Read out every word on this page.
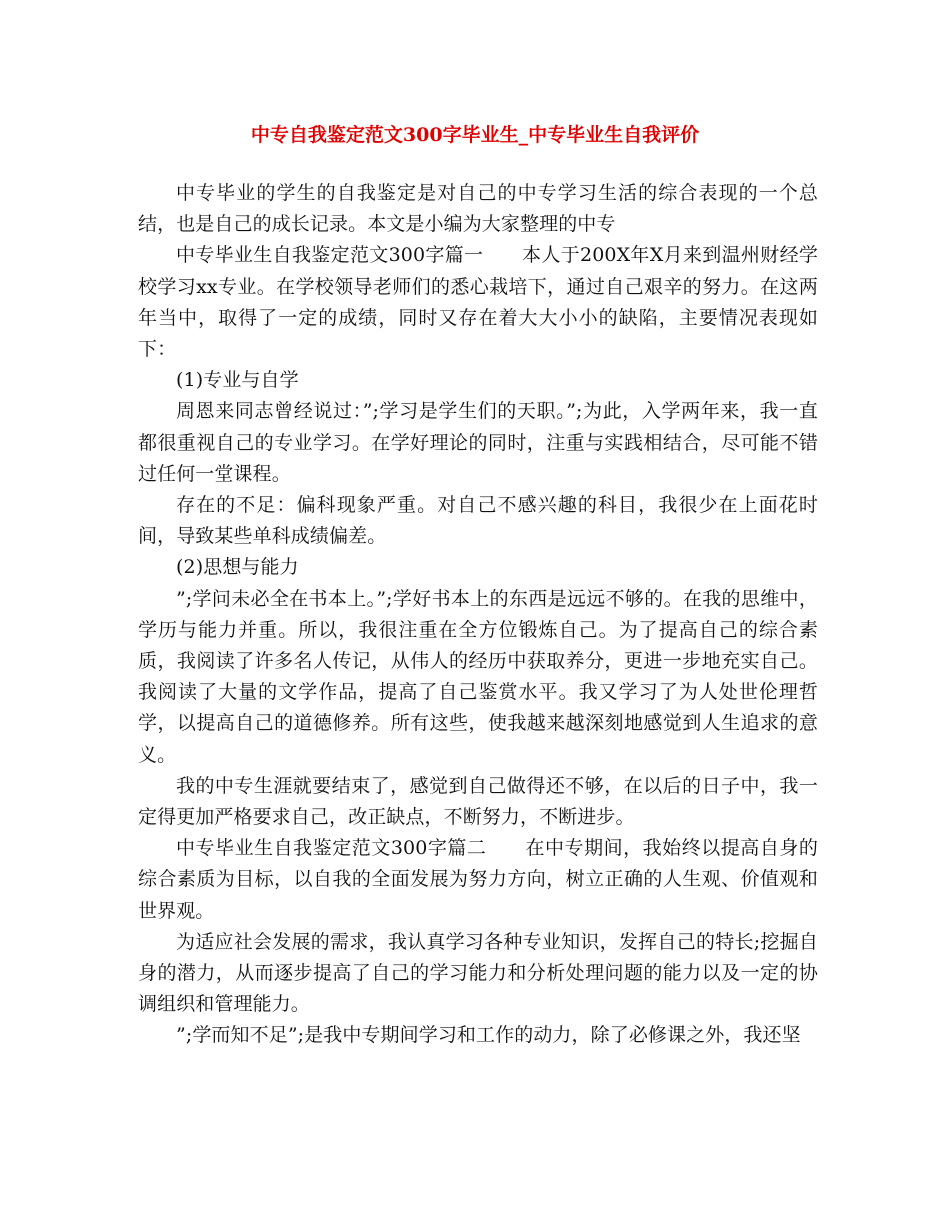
中专自我鉴定范文300字毕业生_中专毕业生自我评价

中专毕业的学生的自我鉴定是对自己的中专学习生活的综合表现的一个总结，也是自己的成长记录。本文是小编为大家整理的中专

中专毕业生自我鉴定范文300字篇一　　本人于200X年X月来到温州财经学校学习xx专业。在学校领导老师们的悉心栽培下，通过自己艰辛的努力。在这两年当中，取得了一定的成绩，同时又存在着大大小小的缺陷，主要情况表现如下：

(1)专业与自学

周恩来同志曾经说过：”;学习是学生们的天职。”;为此，入学两年来，我一直都很重视自己的专业学习。在学好理论的同时，注重与实践相结合，尽可能不错过任何一堂课程。

存在的不足：偏科现象严重。对自己不感兴趣的科目，我很少在上面花时间，导致某些单科成绩偏差。

(2)思想与能力

”;学问未必全在书本上。”;学好书本上的东西是远远不够的。在我的思维中，学历与能力并重。所以，我很注重在全方位锻炼自己。为了提高自己的综合素质，我阅读了许多名人传记，从伟人的经历中获取养分，更进一步地充实自己。我阅读了大量的文学作品，提高了自己鉴赏水平。我又学习了为人处世伦理哲学，以提高自己的道德修养。所有这些，使我越来越深刻地感觉到人生追求的意义。

我的中专生涯就要结束了，感觉到自己做得还不够，在以后的日子中，我一定得更加严格要求自己，改正缺点，不断努力，不断进步。

中专毕业生自我鉴定范文300字篇二　　在中专期间，我始终以提高自身的综合素质为目标，以自我的全面发展为努力方向，树立正确的人生观、价值观和世界观。

为适应社会发展的需求，我认真学习各种专业知识，发挥自己的特长;挖掘自身的潜力，从而逐步提高了自己的学习能力和分析处理问题的能力以及一定的协调组织和管理能力。

”;学而知不足”;是我中专期间学习和工作的动力，除了必修课之外，我还坚
